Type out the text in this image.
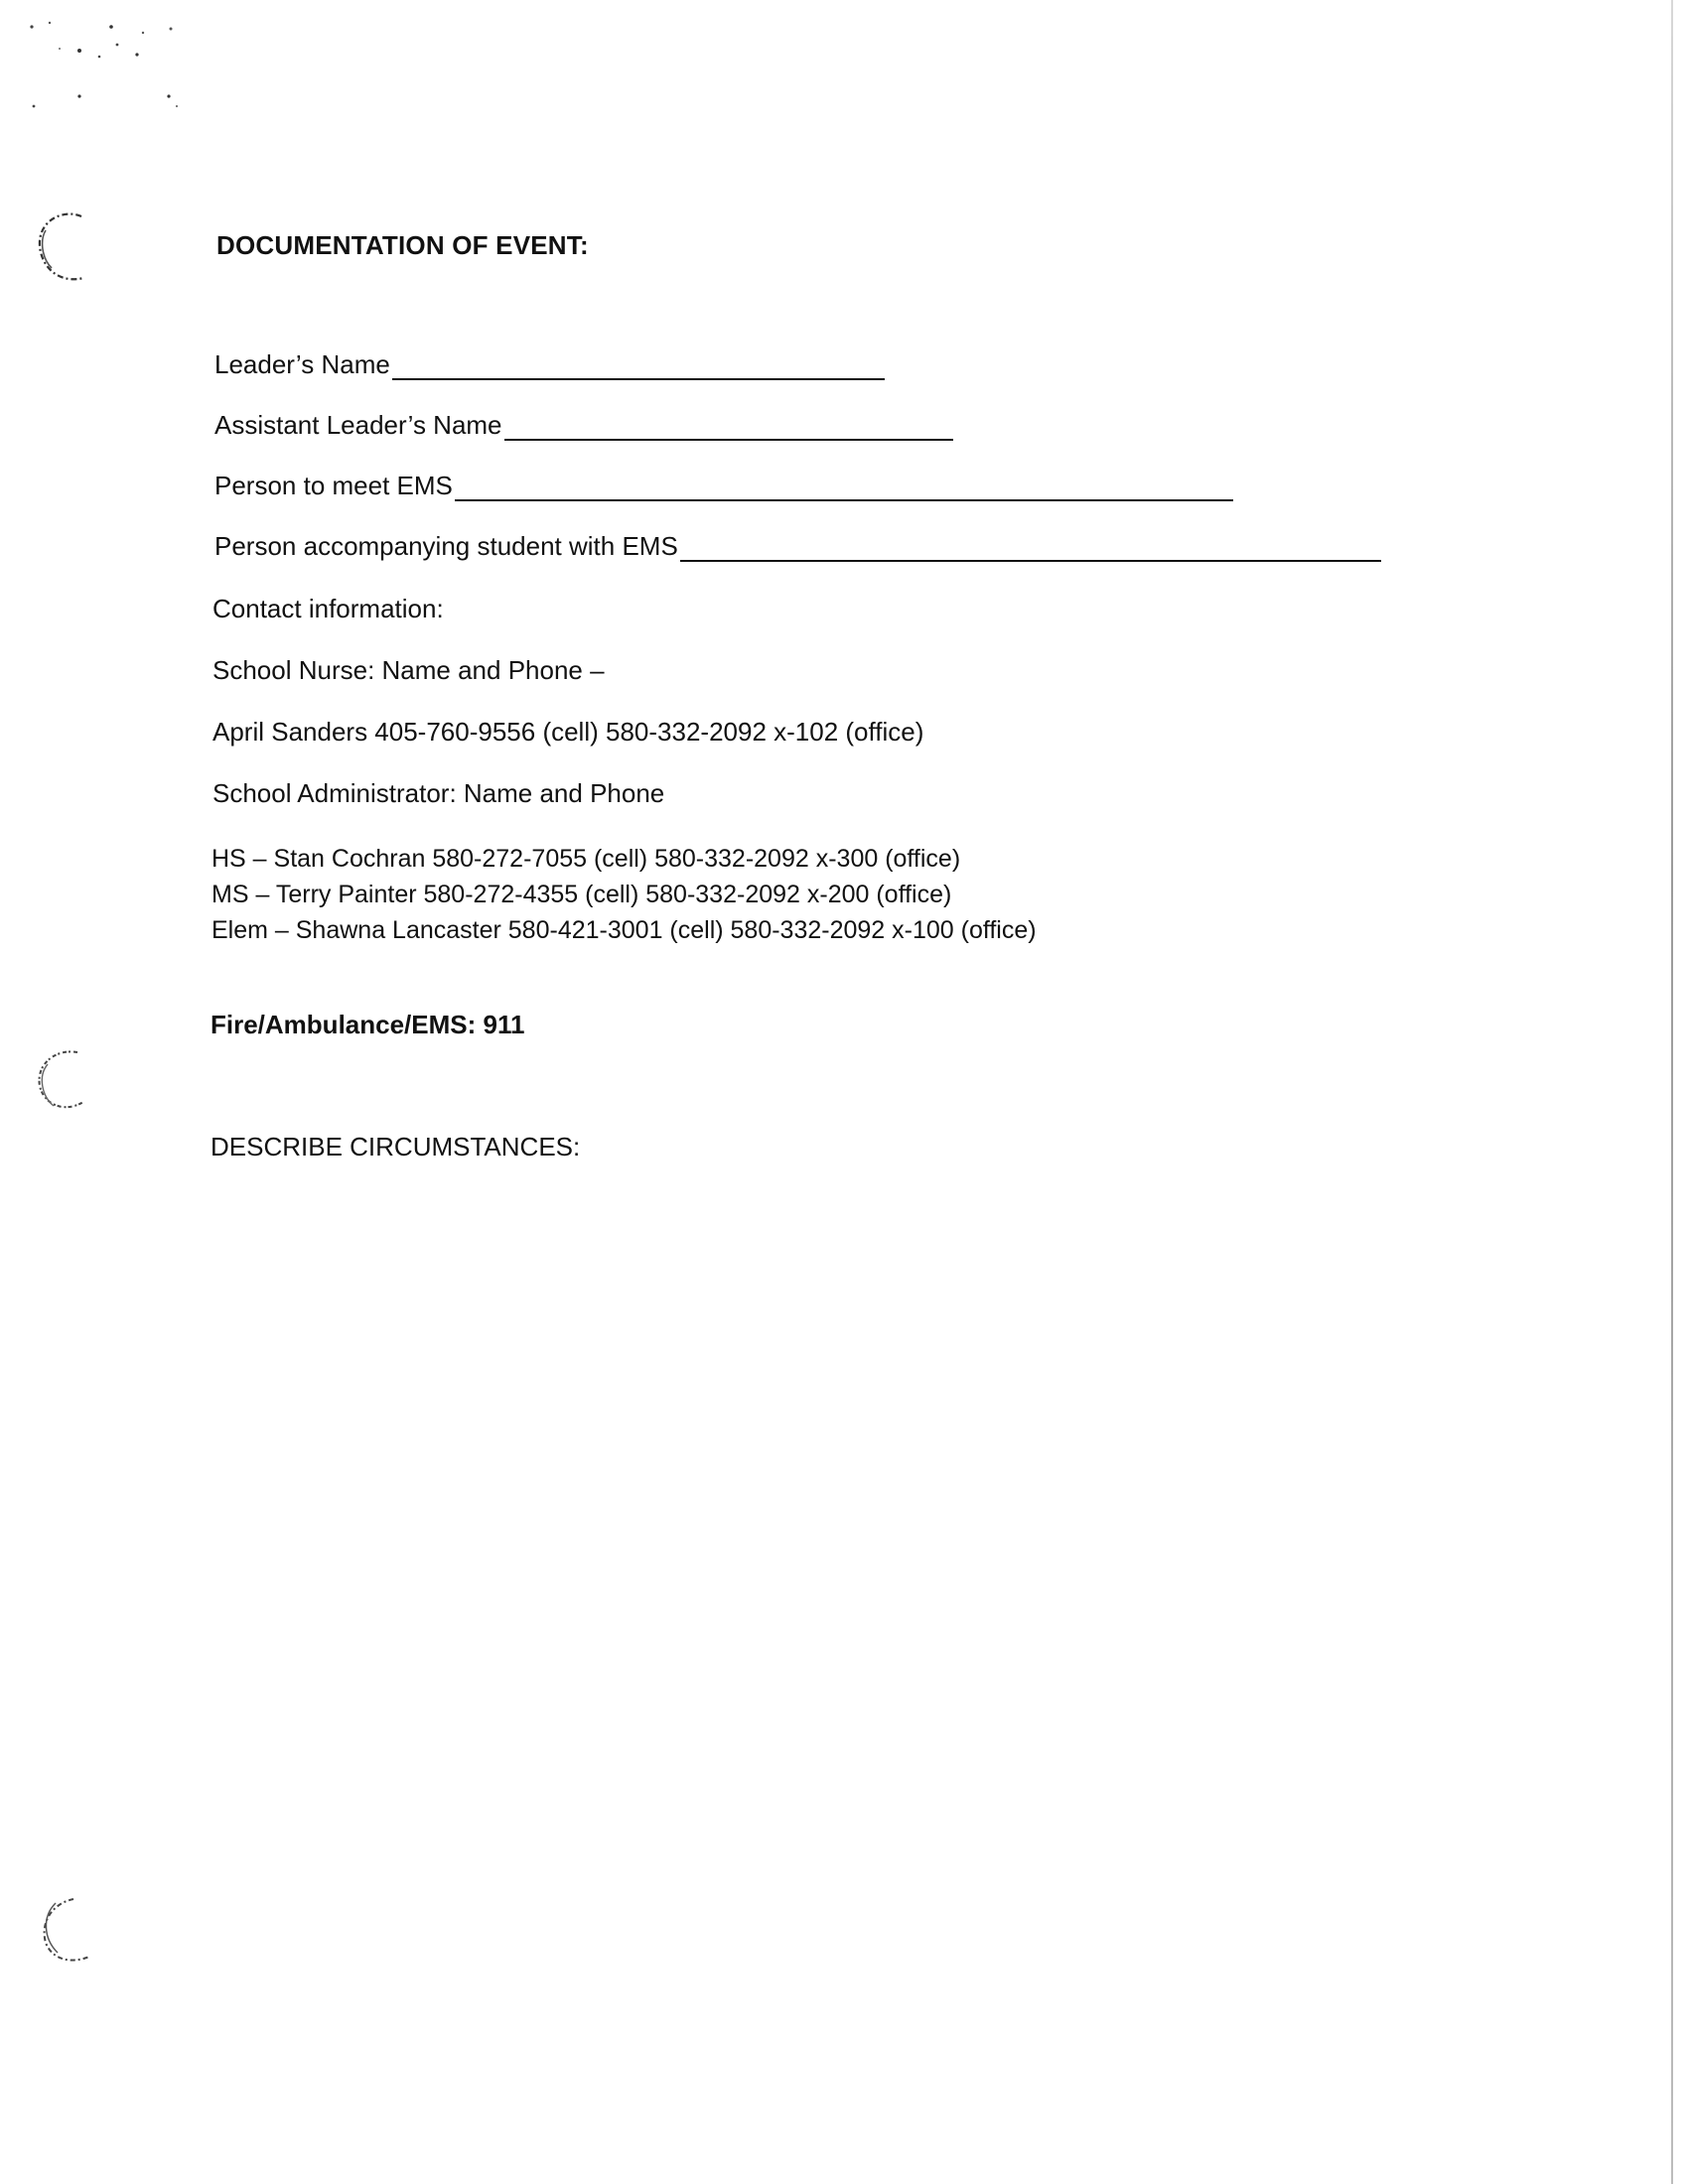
DOCUMENTATION OF EVENT:
Leader’s Name
Assistant Leader’s Name
Person to meet EMS
Person accompanying student with EMS
Contact information:
School Nurse: Name and Phone –
April Sanders 405-760-9556 (cell) 580-332-2092 x-102 (office)
School Administrator: Name and Phone
HS – Stan Cochran 580-272-7055 (cell) 580-332-2092 x-300 (office)
MS – Terry Painter 580-272-4355 (cell) 580-332-2092 x-200 (office)
Elem – Shawna Lancaster 580-421-3001 (cell) 580-332-2092 x-100 (office)
Fire/Ambulance/EMS: 911
DESCRIBE CIRCUMSTANCES:
